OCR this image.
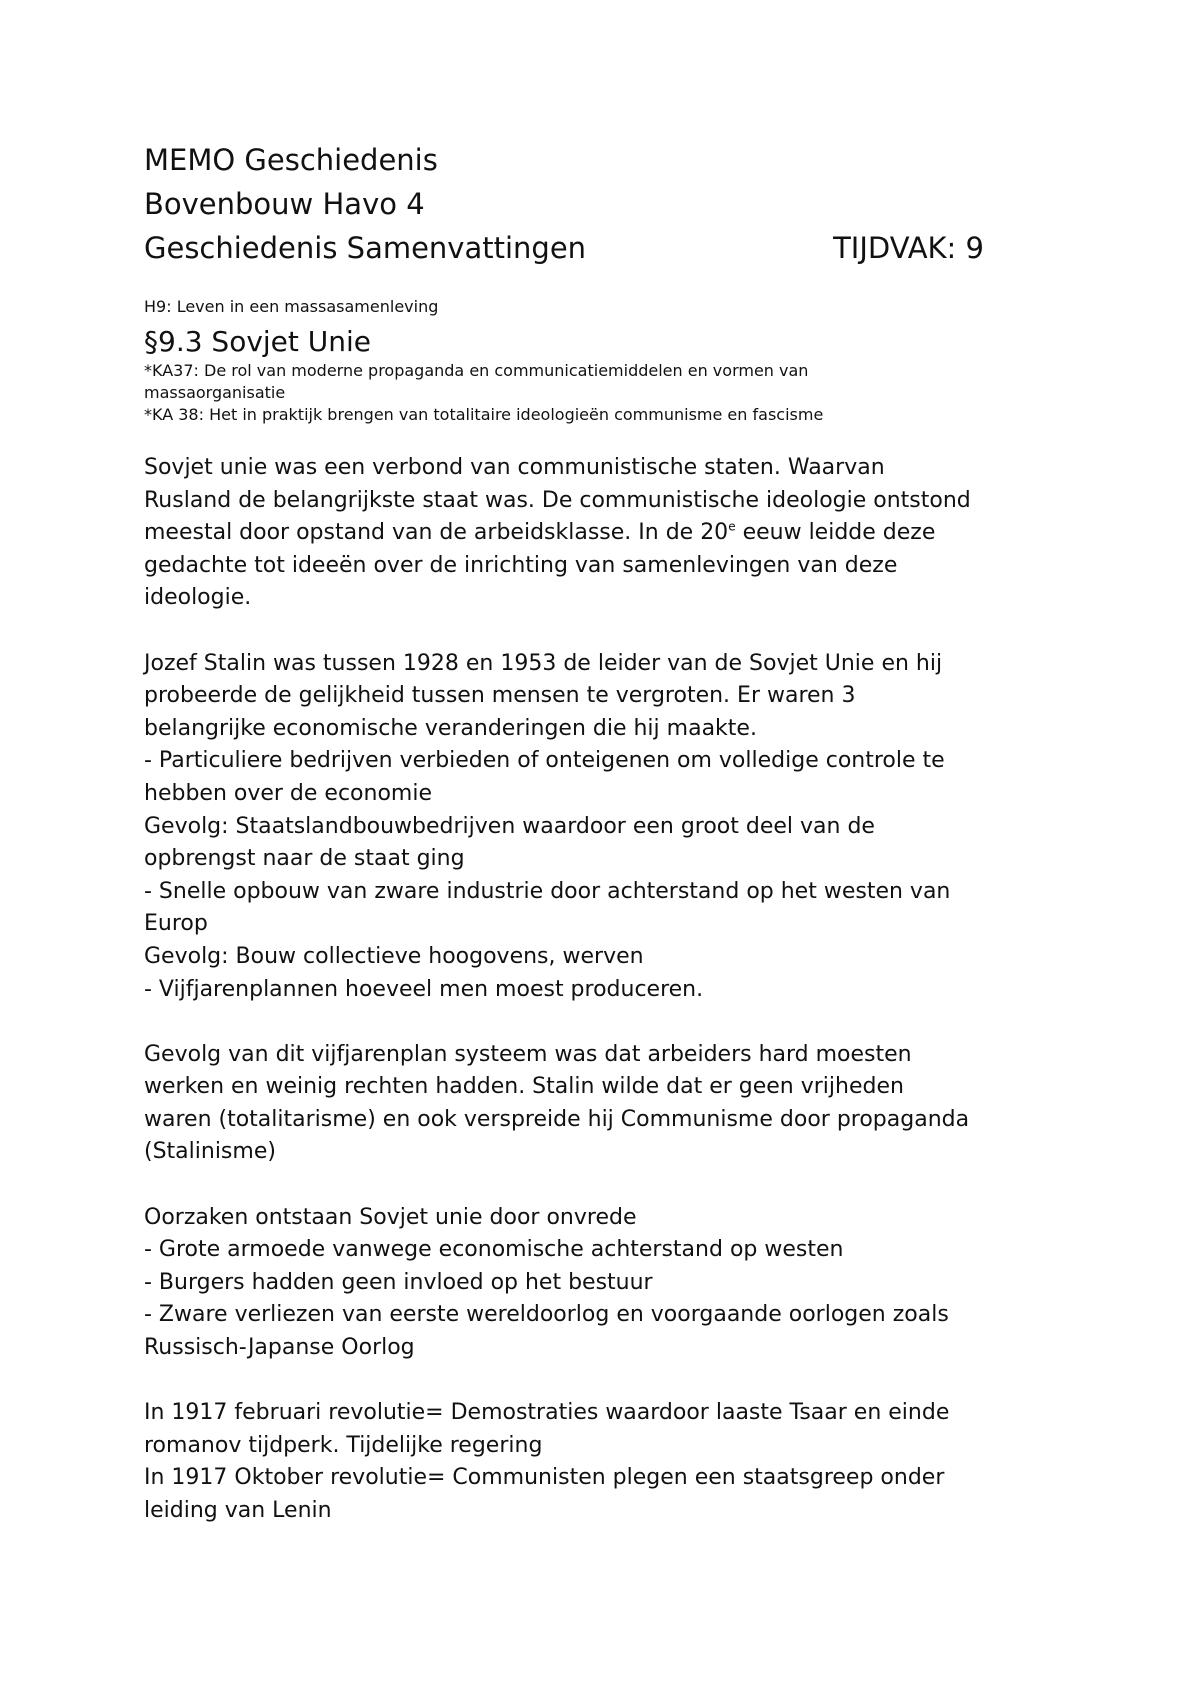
MEMO Geschiedenis

Bovenbouw Havo 4

Geschiedenis Samenvattingen	TIJDVAK: 9
H9: Leven in een massasamenleving
§9.3 Sovjet Unie
*KA37: De rol van moderne propaganda en communicatiemiddelen en vormen van
massaorganisatie
*KA 38: Het in praktijk brengen van totalitaire ideologieën communisme en fascisme

Sovjet unie was een verbond van communistische staten. Waarvan

Rusland de belangrijkste staat was. De communistische ideologie ontstond

meestal door opstand van de arbeidsklasse. In de 20e eeuw leidde deze

gedachte tot ideeën over de inrichting van samenlevingen van deze

ideologie.

Jozef Stalin was tussen 1928 en 1953 de leider van de Sovjet Unie en hij

probeerde de gelijkheid tussen mensen te vergroten. Er waren 3

belangrijke economische veranderingen die hij maakte.

- Particuliere bedrijven verbieden of onteigenen om volledige controle te

hebben over de economie

Gevolg: Staatslandbouwbedrijven waardoor een groot deel van de

opbrengst naar de staat ging

- Snelle opbouw van zware industrie door achterstand op het westen van

Europ

Gevolg: Bouw collectieve hoogovens, werven

- Vijfjarenplannen hoeveel men moest produceren.

Gevolg van dit vijfjarenplan systeem was dat arbeiders hard moesten

werken en weinig rechten hadden. Stalin wilde dat er geen vrijheden

waren (totalitarisme) en ook verspreide hij Communisme door propaganda

(Stalinisme)

Oorzaken ontstaan Sovjet unie door onvrede

- Grote armoede vanwege economische achterstand op westen

- Burgers hadden geen invloed op het bestuur

- Zware verliezen van eerste wereldoorlog en voorgaande oorlogen zoals

Russisch-Japanse Oorlog

In 1917 februari revolutie= Demostraties waardoor laaste Tsaar en einde

romanov tijdperk. Tijdelijke regering

In 1917 Oktober revolutie= Communisten plegen een staatsgreep onder

leiding van Lenin
